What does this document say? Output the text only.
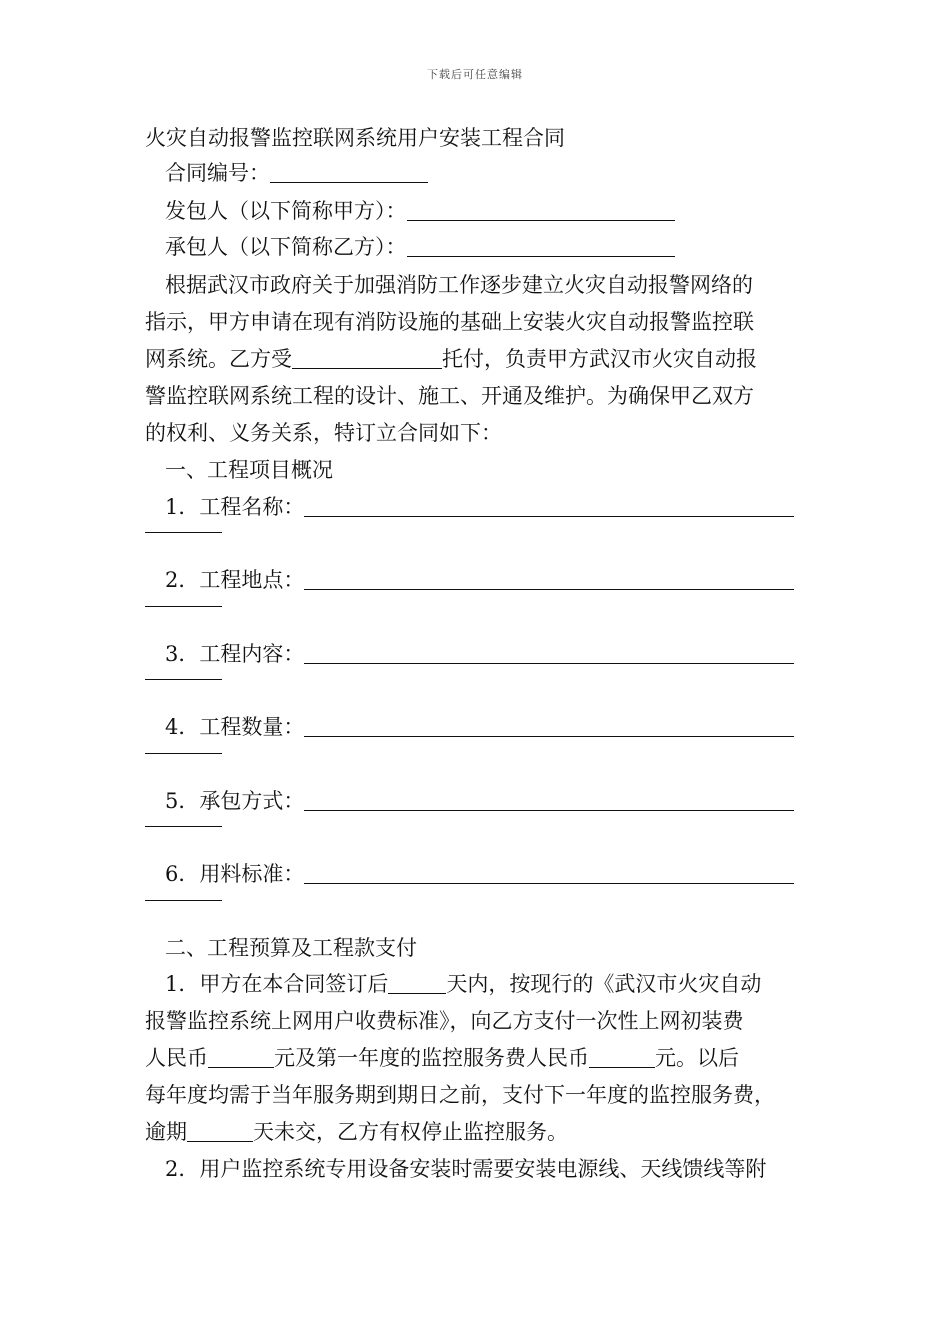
下载后可任意编辑
火灾自动报警监控联网系统用户安装工程合同
合同编号：
发包人（以下简称甲方）：
承包人（以下简称乙方）：
根据武汉市政府关于加强消防工作逐步建立火灾自动报警网络的
指示，甲方申请在现有消防设施的基础上安装火灾自动报警监控联
网系统。乙方受	托付，负责甲方武汉市火灾自动报
警监控联网系统工程的设计、施工、开通及维护。为确保甲乙双方
的权利、义务关系，特订立合同如下：
一、工程项目概况
1．工程名称：
2．工程地点：
3．工程内容：
4．工程数量：
5．承包方式：
6．用料标准：
二、工程预算及工程款支付
1．甲方在本合同签订后	天内，按现行的《武汉市火灾自动
报警监控系统上网用户收费标准》，向乙方支付一次性上网初装费
人民币	元及第一年度的监控服务费人民币	元。以后
每年度均需于当年服务期到期日之前，支付下一年度的监控服务费，
逾期	天未交，乙方有权停止监控服务。
2．用户监控系统专用设备安装时需要安装电源线、天线馈线等附
